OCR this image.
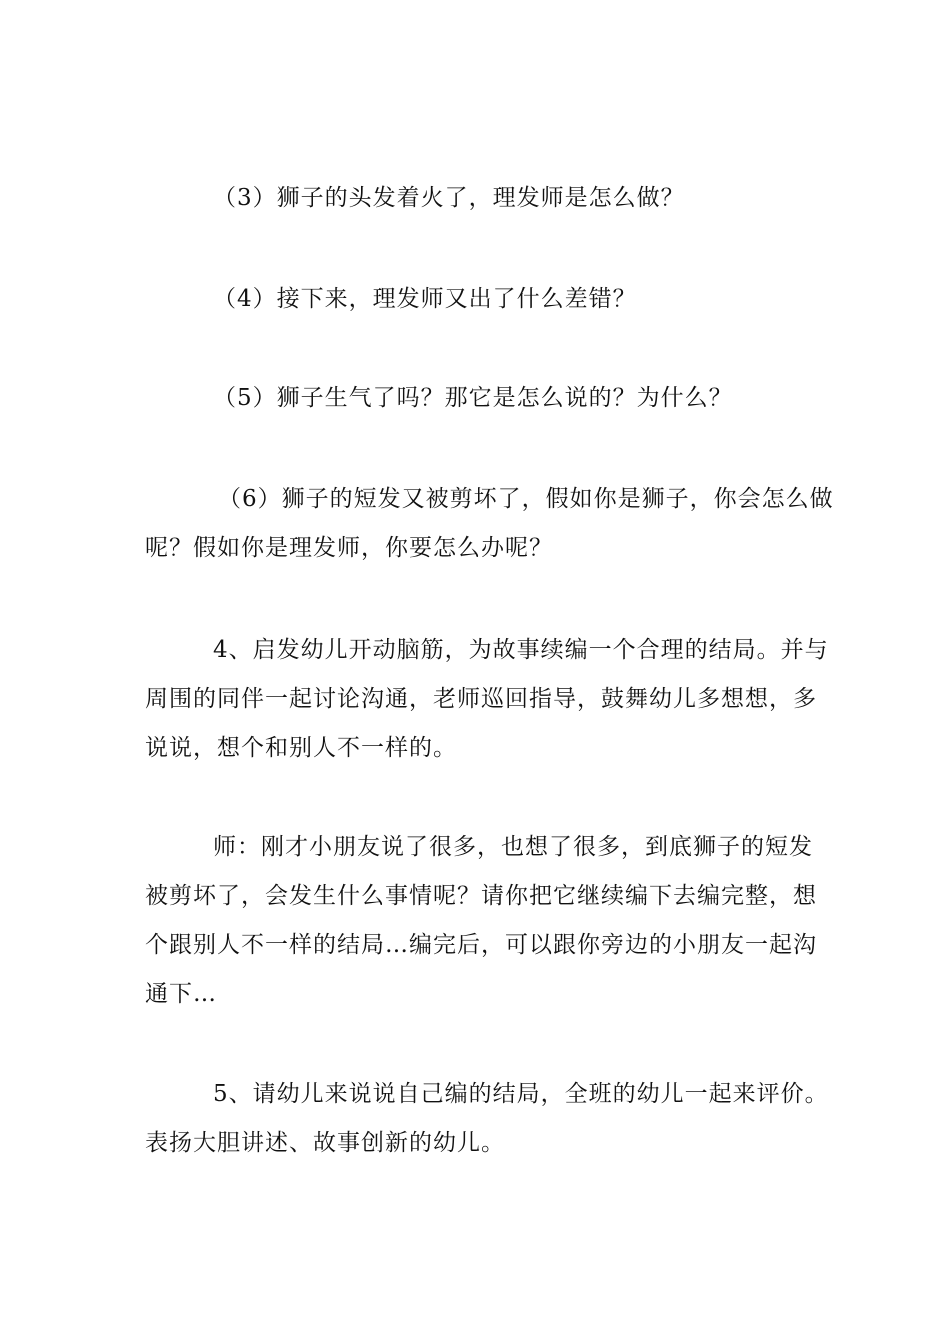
（3）狮子的头发着火了，理发师是怎么做？

（4）接下来，理发师又出了什么差错？

（5）狮子生气了吗？那它是怎么说的？为什么？

（6）狮子的短发又被剪坏了，假如你是狮子，你会怎么做呢？假如你是理发师，你要怎么办呢？

4、启发幼儿开动脑筋，为故事续编一个合理的结局。并与周围的同伴一起讨论沟通，老师巡回指导，鼓舞幼儿多想想，多说说，想个和别人不一样的。

师：刚才小朋友说了很多，也想了很多，到底狮子的短发被剪坏了，会发生什么事情呢？请你把它继续编下去编完整，想个跟别人不一样的结局…编完后，可以跟你旁边的小朋友一起沟通下…

5、请幼儿来说说自己编的结局，全班的幼儿一起来评价。表扬大胆讲述、故事创新的幼儿。
